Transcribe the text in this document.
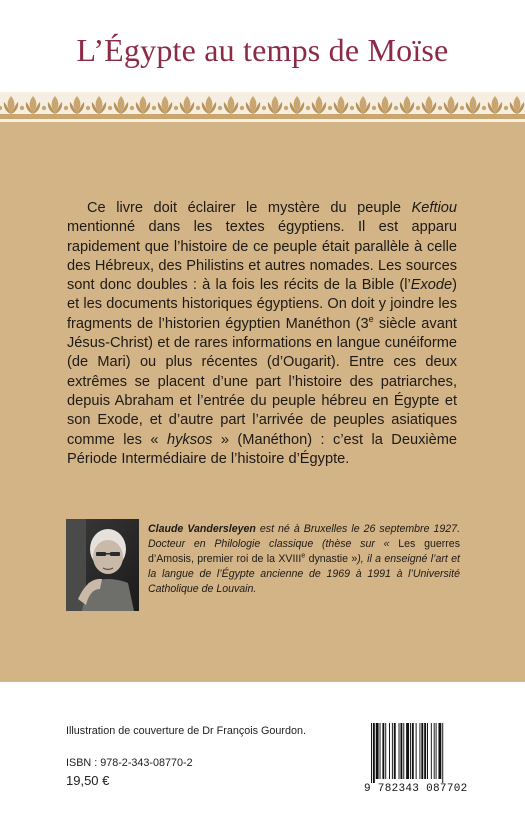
L’Égypte au temps de Moïse

Ce livre doit éclairer le mystère du peuple Keftiou mentionné dans les textes égyptiens. Il est apparu rapidement que l’histoire de ce peuple était parallèle à celle des Hébreux, des Philistins et autres nomades. Les sources sont donc doubles : à la fois les récits de la Bible (l’Exode) et les documents historiques égyptiens. On doit y joindre les fragments de l’historien égyptien Manéthon (3e siècle avant Jésus-Christ) et de rares informations en langue cunéiforme (de Mari) ou plus récentes (d’Ougarit). Entre ces deux extrêmes se placent d’une part l’histoire des patriarches, depuis Abraham et l’entrée du peuple hébreu en Égypte et son Exode, et d’autre part l’arrivée de peuples asiatiques comme les « hyksos » (Manéthon) : c’est la Deuxième Période Intermédiaire de l’histoire d’Égypte.

Claude Vandersleyen est né à Bruxelles le 26 septembre 1927. Docteur en Philologie classique (thèse sur « Les guerres d’Amosis, premier roi de la XVIIIe dynastie »), il a enseigné l’art et la langue de l’Égypte ancienne de 1969 à 1991 à l’Université Catholique de Louvain.

Illustration de couverture de Dr François Gourdon.
ISBN : 978-2-343-08770-2
19,50 €
9 782343 087702
